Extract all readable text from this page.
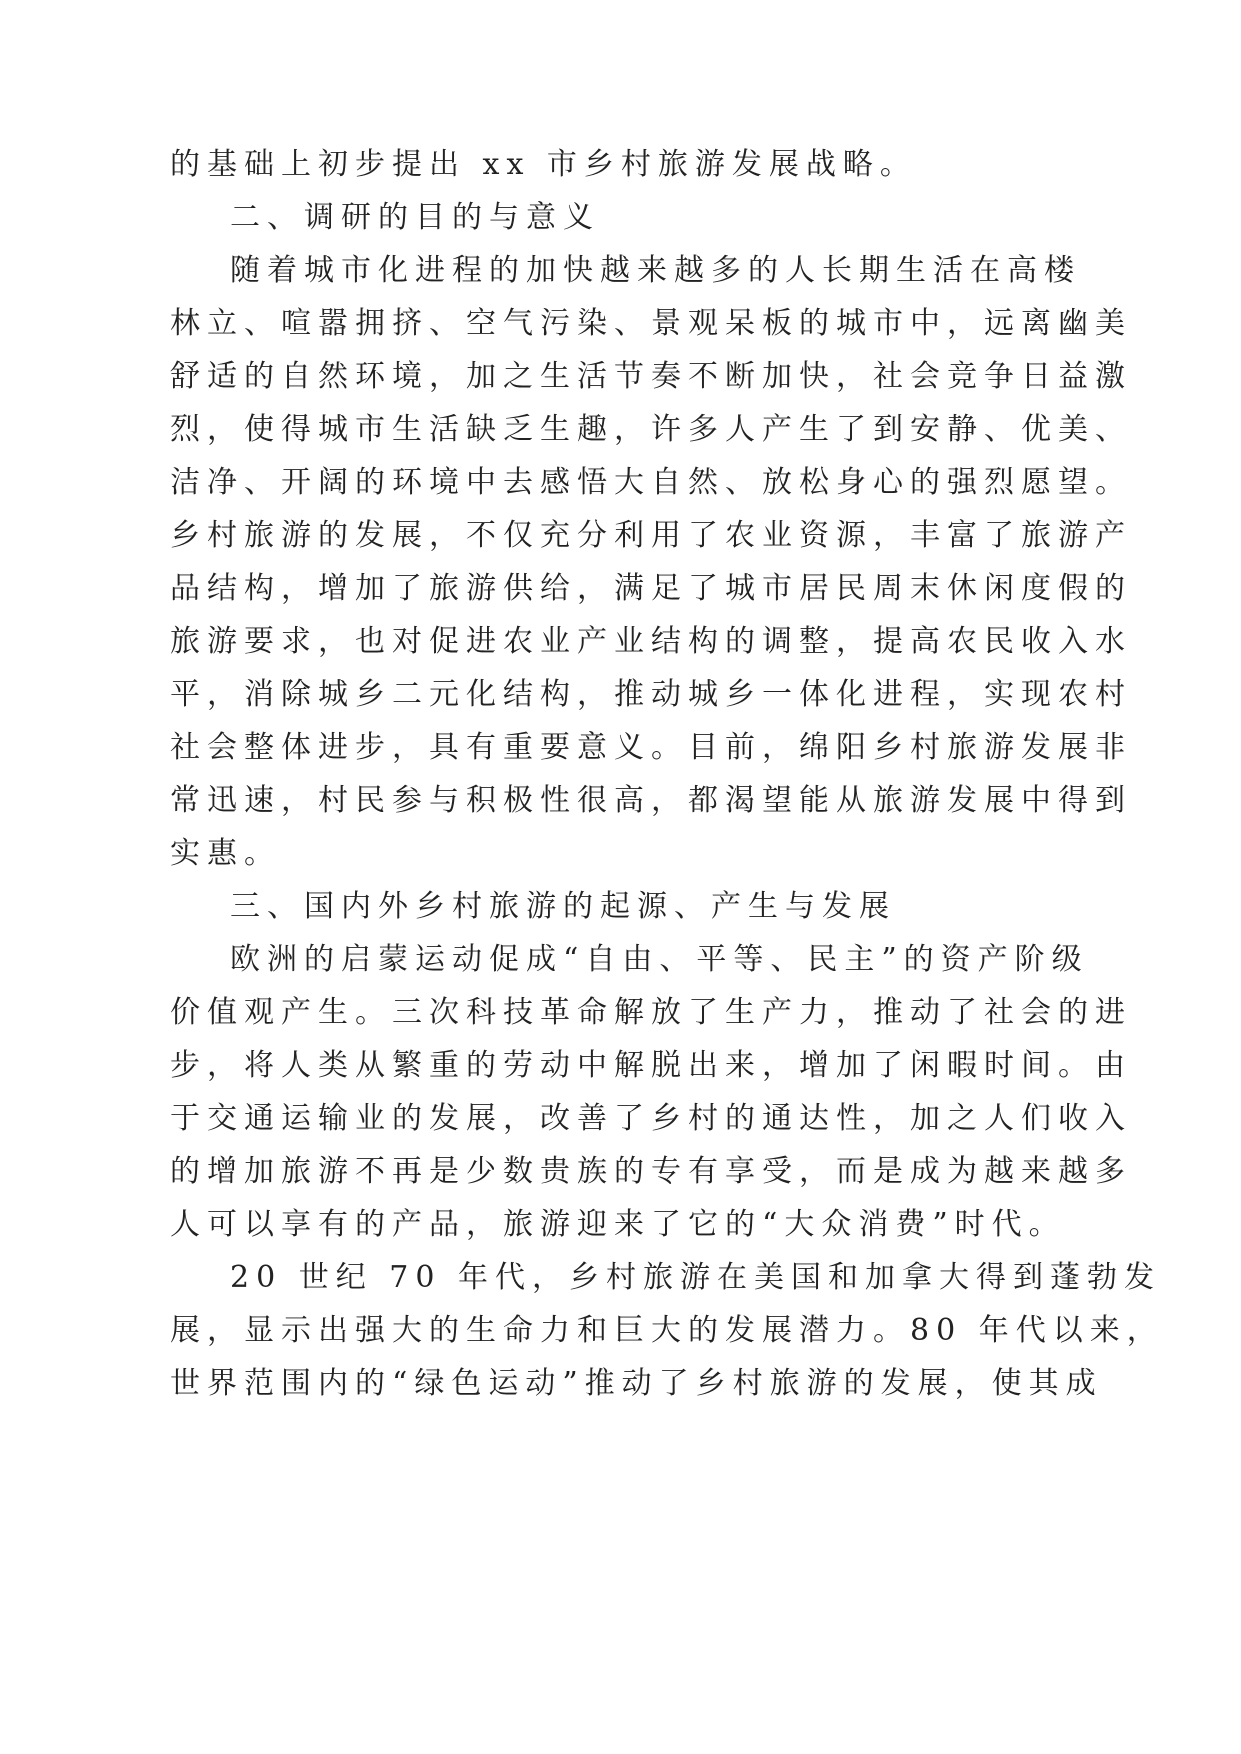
的基础上初步提出 xx 市乡村旅游发展战略。
二、调研的目的与意义
随着城市化进程的加快越来越多的人长期生活在高楼
林立、喧嚣拥挤、空气污染、景观呆板的城市中，远离幽美
舒适的自然环境，加之生活节奏不断加快，社会竞争日益激
烈，使得城市生活缺乏生趣，许多人产生了到安静、优美、
洁净、开阔的环境中去感悟大自然、放松身心的强烈愿望。
乡村旅游的发展，不仅充分利用了农业资源，丰富了旅游产
品结构，增加了旅游供给，满足了城市居民周末休闲度假的
旅游要求，也对促进农业产业结构的调整，提高农民收入水
平，消除城乡二元化结构，推动城乡一体化进程，实现农村
社会整体进步，具有重要意义。目前，绵阳乡村旅游发展非
常迅速，村民参与积极性很高，都渴望能从旅游发展中得到
实惠。
三、国内外乡村旅游的起源、产生与发展
欧洲的启蒙运动促成“自由、平等、民主”的资产阶级
价值观产生。三次科技革命解放了生产力，推动了社会的进
步，将人类从繁重的劳动中解脱出来，增加了闲暇时间。由
于交通运输业的发展，改善了乡村的通达性，加之人们收入
的增加旅游不再是少数贵族的专有享受，而是成为越来越多
人可以享有的产品，旅游迎来了它的“大众消费”时代。
20 世纪 70 年代，乡村旅游在美国和加拿大得到蓬勃发
展，显示出强大的生命力和巨大的发展潜力。80 年代以来，
世界范围内的“绿色运动”推动了乡村旅游的发展，使其成
